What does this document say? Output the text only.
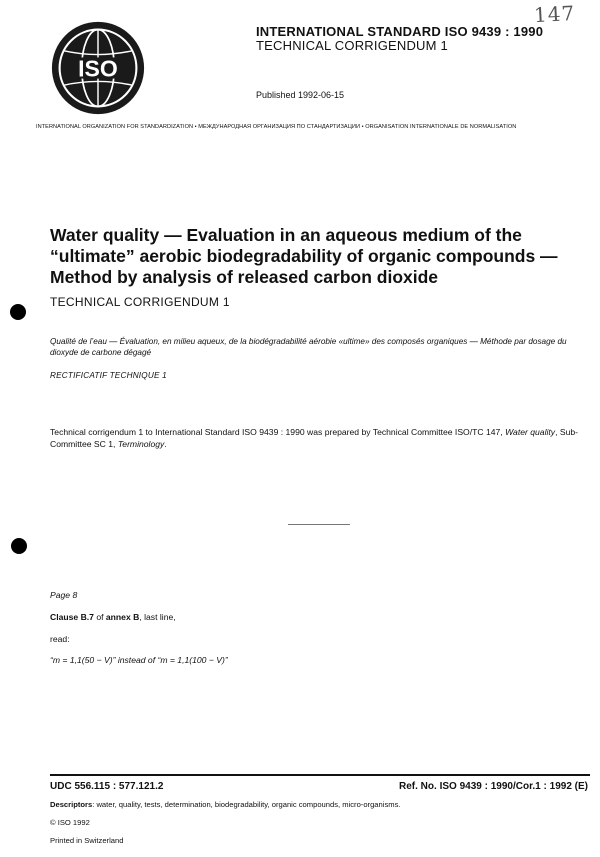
147
ISO
INTERNATIONAL STANDARD ISO 9439 : 1990
TECHNICAL CORRIGENDUM 1
Published 1992-06-15
INTERNATIONAL ORGANIZATION FOR STANDARDIZATION • МЕЖДУНАРОДНАЯ ОРГАНИЗАЦИЯ ПО СТАНДАРТИЗАЦИИ • ORGANISATION INTERNATIONALE DE NORMALISATION
Water quality — Evaluation in an aqueous medium of the
“ultimate” aerobic biodegradability of organic compounds —
Method by analysis of released carbon dioxide
TECHNICAL CORRIGENDUM 1
Qualité de l’eau — Évaluation, en milieu aqueux, de la biodégradabilité aérobie «ultime» des composés organiques — Méthode par dosage du dioxyde de carbone dégagé
RECTIFICATIF TECHNIQUE 1
Technical corrigendum 1 to International Standard ISO 9439 : 1990 was prepared by Technical Committee ISO/TC 147, Water quality, Sub-Committee SC 1, Terminology.
Page 8
Clause B.7 of annex B, last line,
read:
“m = 1,1(50 − V)” instead of “m = 1,1(100 − V)”
UDC 556.115 : 577.121.2	Ref. No. ISO 9439 : 1990/Cor.1 : 1992 (E)
Descriptors: water, quality, tests, determination, biodegradability, organic compounds, micro-organisms.
© ISO 1992
Printed in Switzerland
